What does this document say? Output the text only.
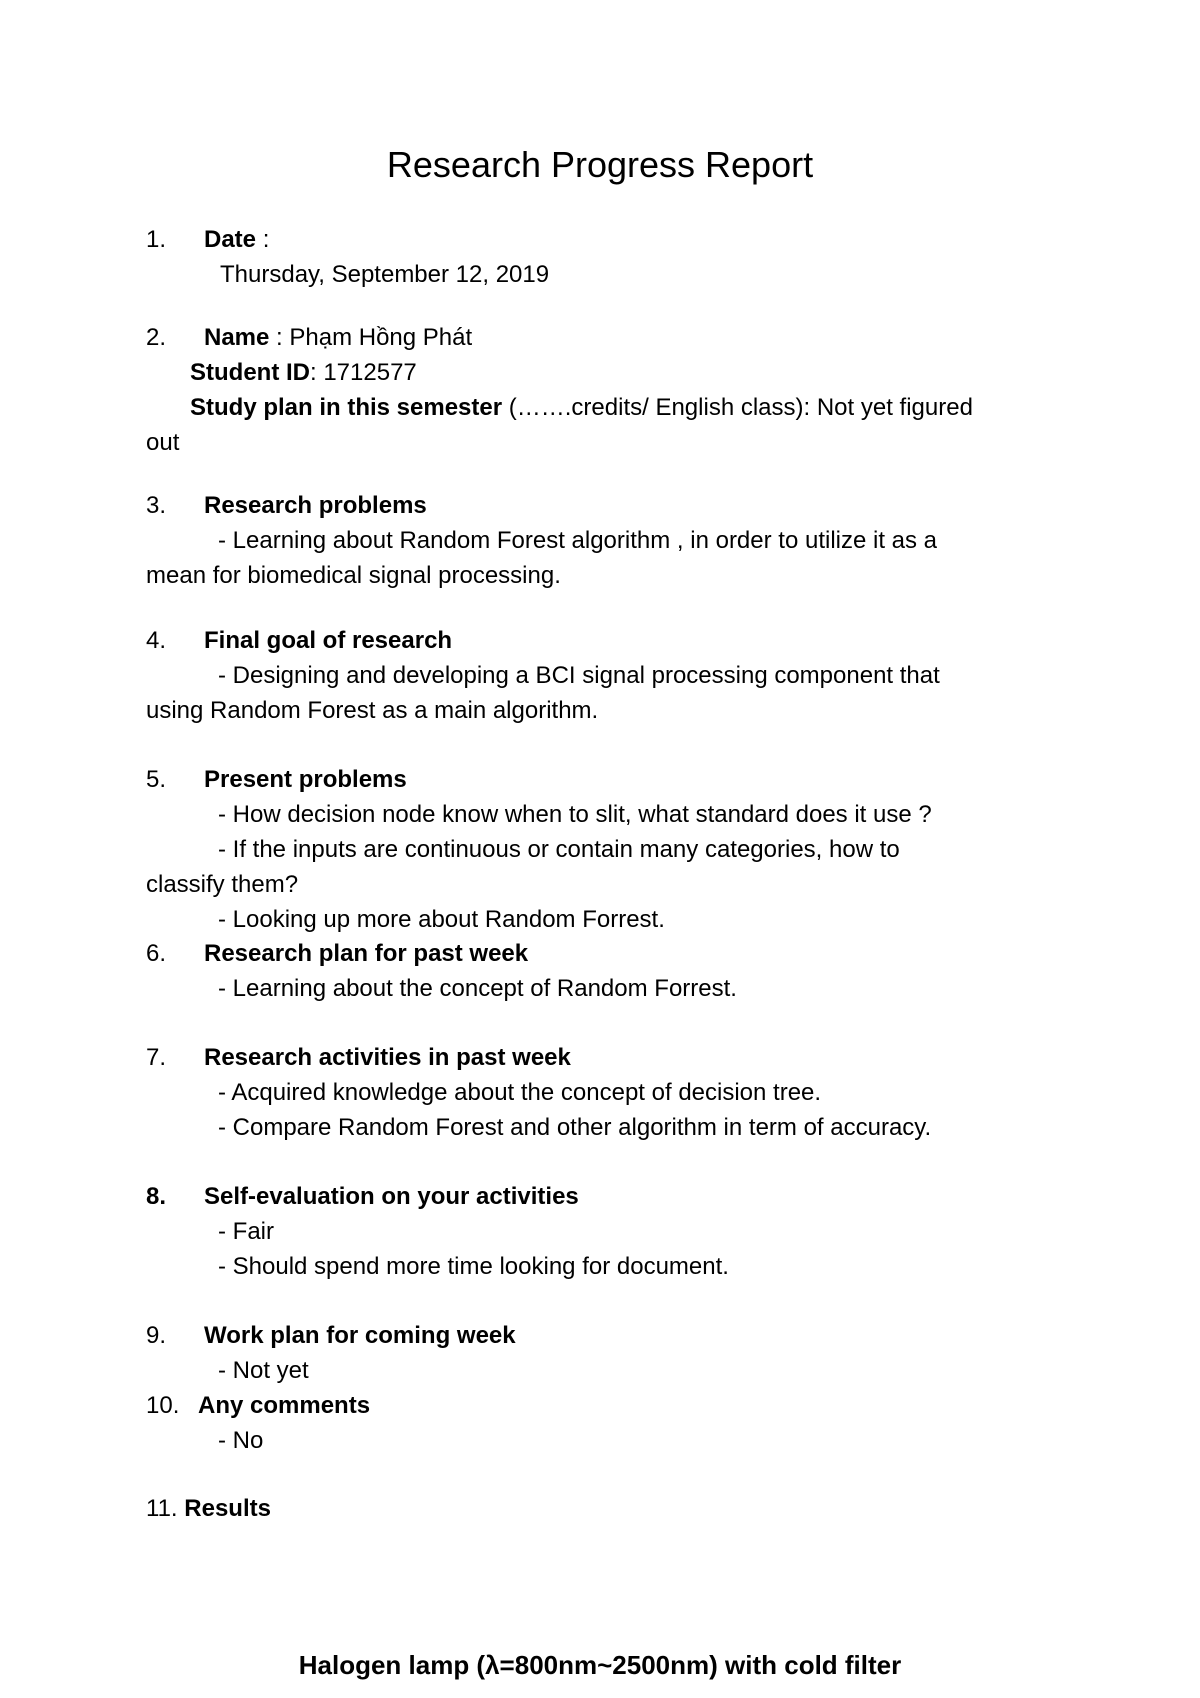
Research Progress Report
1. Date :
Thursday, September 12, 2019
2. Name : Phạm Hồng Phát
Student ID: 1712577
Study plan in this semester (…….credits/ English class): Not yet figured
out
3. Research problems
- Learning about Random Forest algorithm , in order to utilize it as a
mean for biomedical signal processing.
4. Final goal of research
- Designing and developing a BCI signal processing component that
using Random Forest as a main algorithm.
5. Present problems
- How decision node know when to slit, what standard does it use ?
- If the inputs are continuous or contain many categories, how to
classify them?
- Looking up more about Random Forrest.
6. Research plan for past week
- Learning about the concept of Random Forrest.
7. Research activities in past week
- Acquired knowledge about the concept of decision tree.
- Compare Random Forest and other algorithm in term of accuracy.
8. Self-evaluation on your activities
- Fair
- Should spend more time looking for document.
9. Work plan for coming week
- Not yet
10. Any comments
- No
11. Results
Halogen lamp (λ=800nm~2500nm) with cold filter
